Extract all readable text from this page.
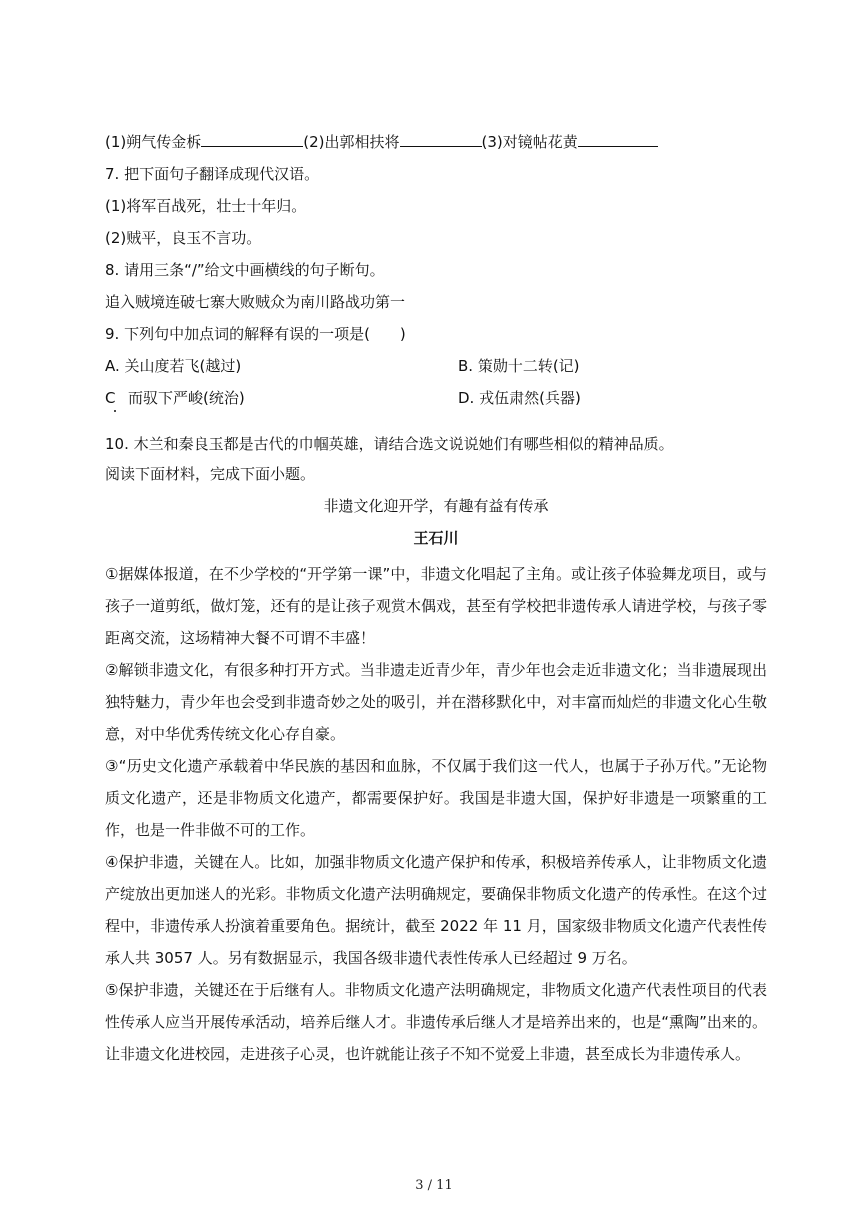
(1)朔气传金柝	(2)出郭相扶将	(3)对镜帖花黄
7. 把下面句子翻译成现代汉语。
(1)将军百战死，壮士十年归。
(2)贼平，良玉不言功。
8. 请用三条“/”给文中画横线的句子断句。
追入贼境连破七寨大败贼众为南川路战功第一
9. 下列句中加点词的解释有误的一项是(　　)
A. 关山度若飞(越过)	B. 策勋十二转(记)
C 而驭下严峻(统治)	D. 戎伍肃然(兵器)
10. 木兰和秦良玉都是古代的巾帼英雄，请结合选文说说她们有哪些相似的精神品质。
阅读下面材料，完成下面小题。
非遗文化迎开学，有趣有益有传承
王石川
①据媒体报道，在不少学校的“开学第一课”中，非遗文化唱起了主角。或让孩子体验舞龙项目，或与孩子一道剪纸，做灯笼，还有的是让孩子观赏木偶戏，甚至有学校把非遗传承人请进学校，与孩子零距离交流，这场精神大餐不可谓不丰盛！
②解锁非遗文化，有很多种打开方式。当非遗走近青少年，青少年也会走近非遗文化；当非遗展现出独特魅力，青少年也会受到非遗奇妙之处的吸引，并在潜移默化中，对丰富而灿烂的非遗文化心生敬意，对中华优秀传统文化心存自豪。
③“历史文化遗产承载着中华民族的基因和血脉，不仅属于我们这一代人，也属于子孙万代。”无论物质文化遗产，还是非物质文化遗产，都需要保护好。我国是非遗大国，保护好非遗是一项繁重的工作，也是一件非做不可的工作。
④保护非遗，关键在人。比如，加强非物质文化遗产保护和传承，积极培养传承人，让非物质文化遗产绽放出更加迷人的光彩。非物质文化遗产法明确规定，要确保非物质文化遗产的传承性。在这个过程中，非遗传承人扮演着重要角色。据统计，截至 2022 年 11 月，国家级非物质文化遗产代表性传承人共 3057 人。另有数据显示，我国各级非遗代表性传承人已经超过 9 万名。
⑤保护非遗，关键还在于后继有人。非物质文化遗产法明确规定，非物质文化遗产代表性项目的代表性传承人应当开展传承活动，培养后继人才。非遗传承后继人才是培养出来的，也是“熏陶”出来的。让非遗文化进校园，走进孩子心灵，也许就能让孩子不知不觉爱上非遗，甚至成长为非遗传承人。
3 / 11
